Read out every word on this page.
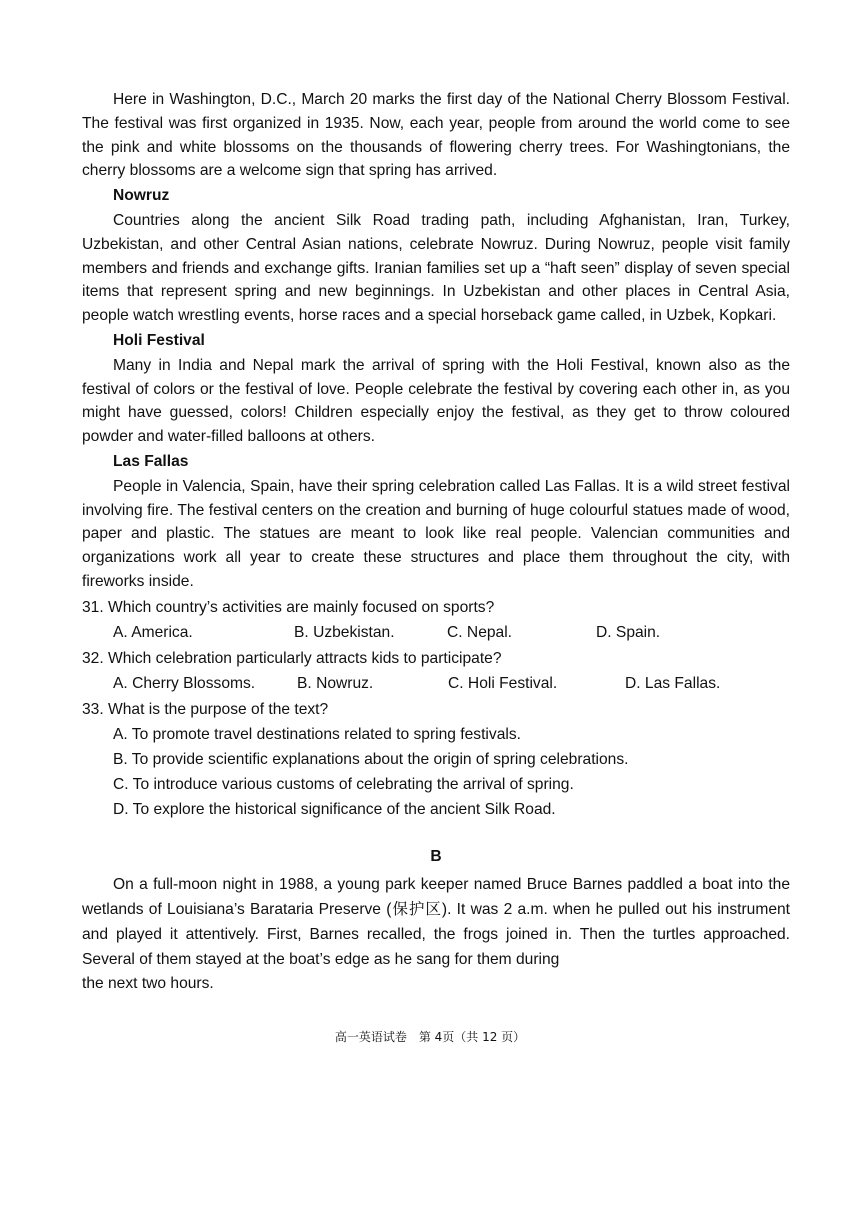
Here in Washington, D.C., March 20 marks the first day of the National Cherry Blossom Festival. The festival was first organized in 1935. Now, each year, people from around the world come to see the pink and white blossoms on the thousands of flowering cherry trees. For Washingtonians, the cherry blossoms are a welcome sign that spring has arrived.

Nowruz

Countries along the ancient Silk Road trading path, including Afghanistan, Iran, Turkey, Uzbekistan, and other Central Asian nations, celebrate Nowruz. During Nowruz, people visit family members and friends and exchange gifts. Iranian families set up a “haft seen” display of seven special items that represent spring and new beginnings. In Uzbekistan and other places in Central Asia, people watch wrestling events, horse races and a special horseback game called, in Uzbek, Kopkari.

Holi Festival

Many in India and Nepal mark the arrival of spring with the Holi Festival, known also as the festival of colors or the festival of love. People celebrate the festival by covering each other in, as you might have guessed, colors! Children especially enjoy the festival, as they get to throw coloured powder and water-filled balloons at others.

Las Fallas

People in Valencia, Spain, have their spring celebration called Las Fallas. It is a wild street festival involving fire. The festival centers on the creation and burning of huge colourful statues made of wood, paper and plastic. The statues are meant to look like real people. Valencian communities and organizations work all year to create these structures and place them throughout the city, with fireworks inside.

31. Which country’s activities are mainly focused on sports?
A. America.	B. Uzbekistan.	C. Nepal.	D. Spain.
32. Which celebration particularly attracts kids to participate?
A. Cherry Blossoms.	B. Nowruz.	C. Holi Festival.	D. Las Fallas.
33. What is the purpose of the text?
A. To promote travel destinations related to spring festivals.
B. To provide scientific explanations about the origin of spring celebrations.
C. To introduce various customs of celebrating the arrival of spring.
D. To explore the historical significance of the ancient Silk Road.
B

On a full-moon night in 1988, a young park keeper named Bruce Barnes paddled a boat into the wetlands of Louisiana’s Barataria Preserve (保护区). It was 2 a.m. when he pulled out his instrument and played it attentively. First, Barnes recalled, the frogs joined in. Then the turtles approached. Several of them stayed at the boat’s edge as he sang for them during

the next two hours.

高一英语试卷　第 4页（共 12 页）
